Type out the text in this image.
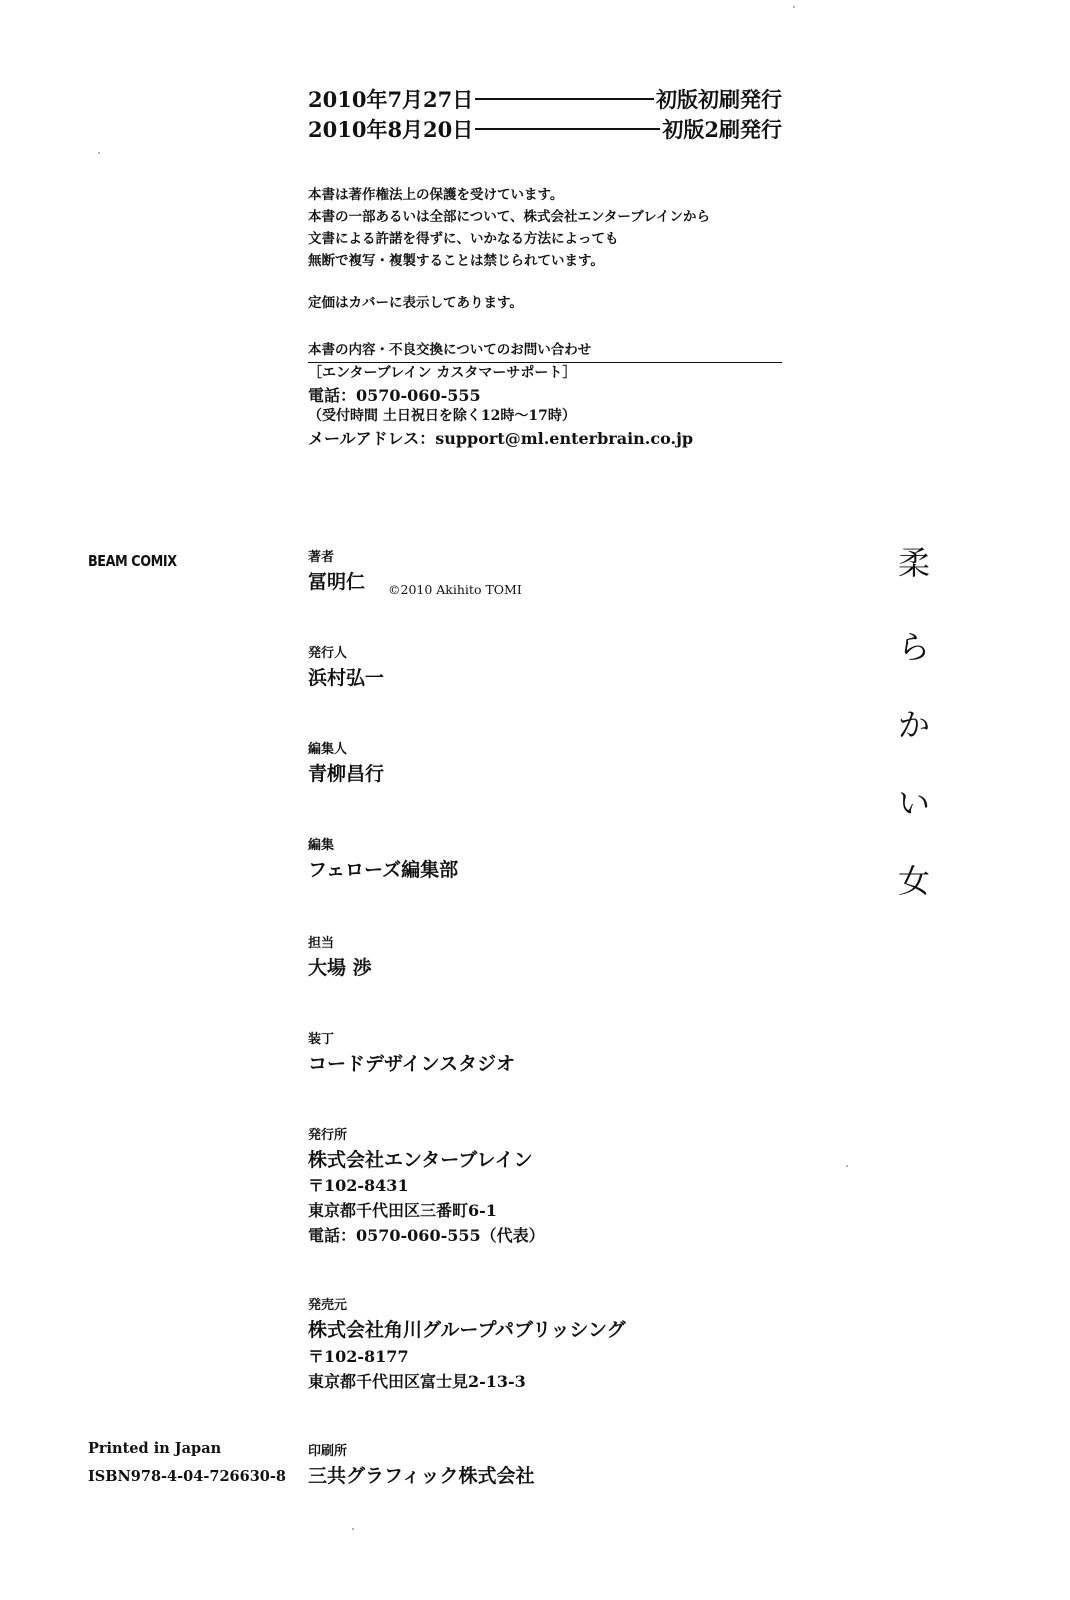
2010年7月27日	初版初刷発行
2010年8月20日	初版2刷発行
本書は著作権法上の保護を受けています。
本書の一部あるいは全部について、株式会社エンターブレインから
文書による許諾を得ずに、いかなる方法によっても
無断で複写・複製することは禁じられています。
定価はカバーに表示してあります。
本書の内容・不良交換についてのお問い合わせ
［エンターブレイン カスタマーサポート］
電話：0570-060-555
（受付時間 土日祝日を除く12時〜17時）
メールアドレス：support@ml.enterbrain.co.jp
BEAM COMIX	著者
冨明仁 ©2010 Akihito TOMI
発行人
浜村弘一
編集人
青柳昌行
編集
フェローズ編集部
担当
大場 渉
装丁
コードデザインスタジオ
発行所
株式会社エンターブレイン
〒102-8431
東京都千代田区三番町6-1
電話：0570-060-555（代表）
発売元
株式会社角川グループパブリッシング
〒102-8177
東京都千代田区富士見2-13-3
印刷所
三共グラフィック株式会社
柔
ら
か
い
女
Printed in Japan
ISBN978-4-04-726630-8
